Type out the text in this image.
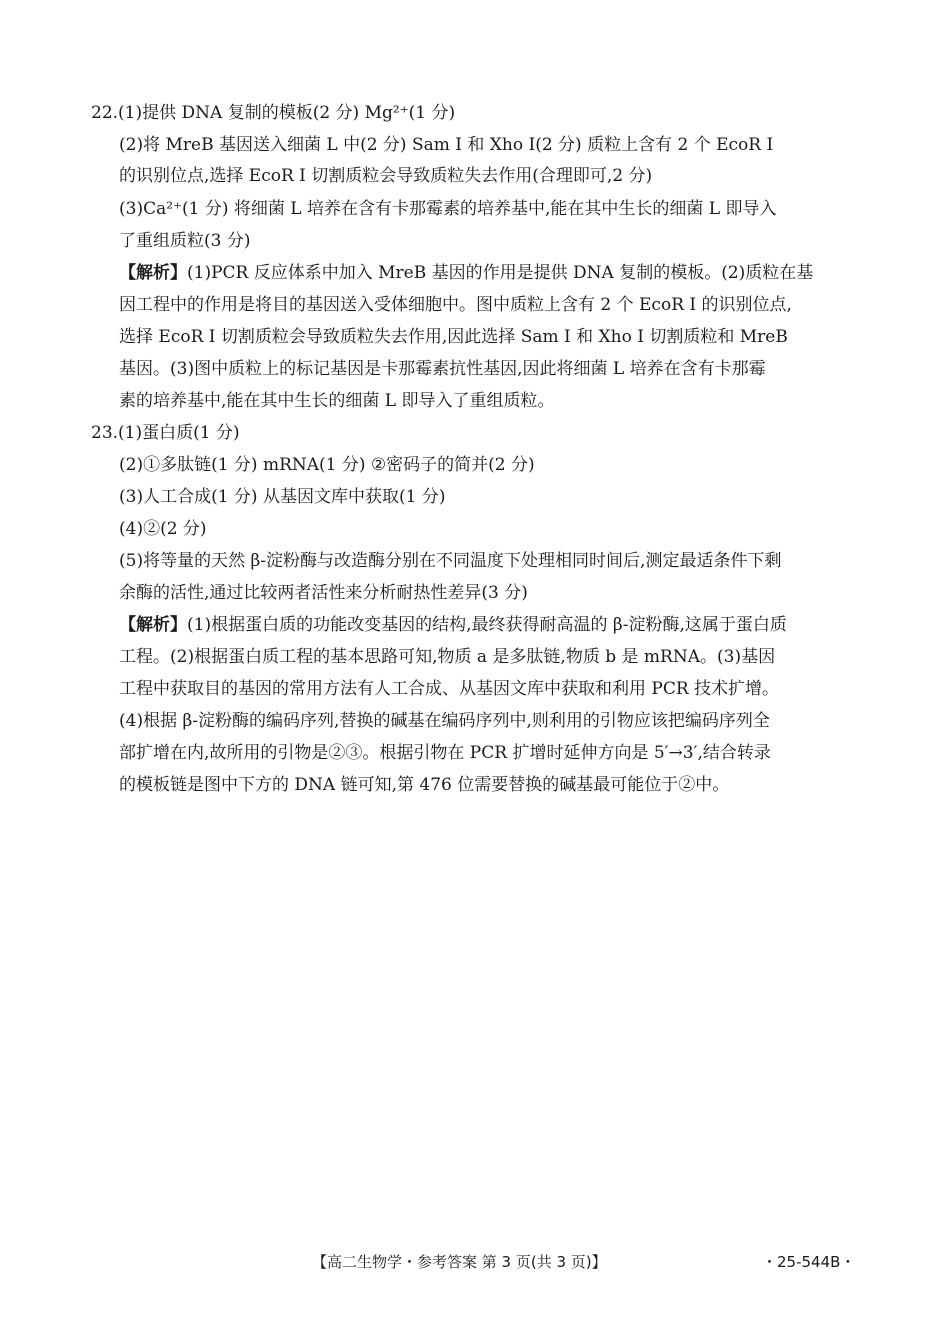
22.(1)提供 DNA 复制的模板(2 分) Mg²⁺(1 分)
(2)将 MreB 基因送入细菌 L 中(2 分) Sam Ⅰ 和 Xho Ⅰ(2 分) 质粒上含有 2 个 EcoR Ⅰ
的识别位点,选择 EcoR Ⅰ 切割质粒会导致质粒失去作用(合理即可,2 分)
(3)Ca²⁺(1 分) 将细菌 L 培养在含有卡那霉素的培养基中,能在其中生长的细菌 L 即导入
了重组质粒(3 分)
【解析】(1)PCR 反应体系中加入 MreB 基因的作用是提供 DNA 复制的模板。(2)质粒在基
因工程中的作用是将目的基因送入受体细胞中。图中质粒上含有 2 个 EcoR Ⅰ 的识别位点,
选择 EcoR Ⅰ 切割质粒会导致质粒失去作用,因此选择 Sam Ⅰ 和 Xho Ⅰ 切割质粒和 MreB
基因。(3)图中质粒上的标记基因是卡那霉素抗性基因,因此将细菌 L 培养在含有卡那霉
素的培养基中,能在其中生长的细菌 L 即导入了重组质粒。
23.(1)蛋白质(1 分)
(2)①多肽链(1 分) mRNA(1 分) ②密码子的简并(2 分)
(3)人工合成(1 分) 从基因文库中获取(1 分)
(4)②(2 分)
(5)将等量的天然 β-淀粉酶与改造酶分别在不同温度下处理相同时间后,测定最适条件下剩
余酶的活性,通过比较两者活性来分析耐热性差异(3 分)
【解析】(1)根据蛋白质的功能改变基因的结构,最终获得耐高温的 β-淀粉酶,这属于蛋白质
工程。(2)根据蛋白质工程的基本思路可知,物质 a 是多肽链,物质 b 是 mRNA。(3)基因
工程中获取目的基因的常用方法有人工合成、从基因文库中获取和利用 PCR 技术扩增。
(4)根据 β-淀粉酶的编码序列,替换的碱基在编码序列中,则利用的引物应该把编码序列全
部扩增在内,故所用的引物是②③。根据引物在 PCR 扩增时延伸方向是 5′→3′,结合转录
的模板链是图中下方的 DNA 链可知,第 476 位需要替换的碱基最可能位于②中。
【高二生物学・参考答案 第 3 页(共 3 页)】	・25-544B・
